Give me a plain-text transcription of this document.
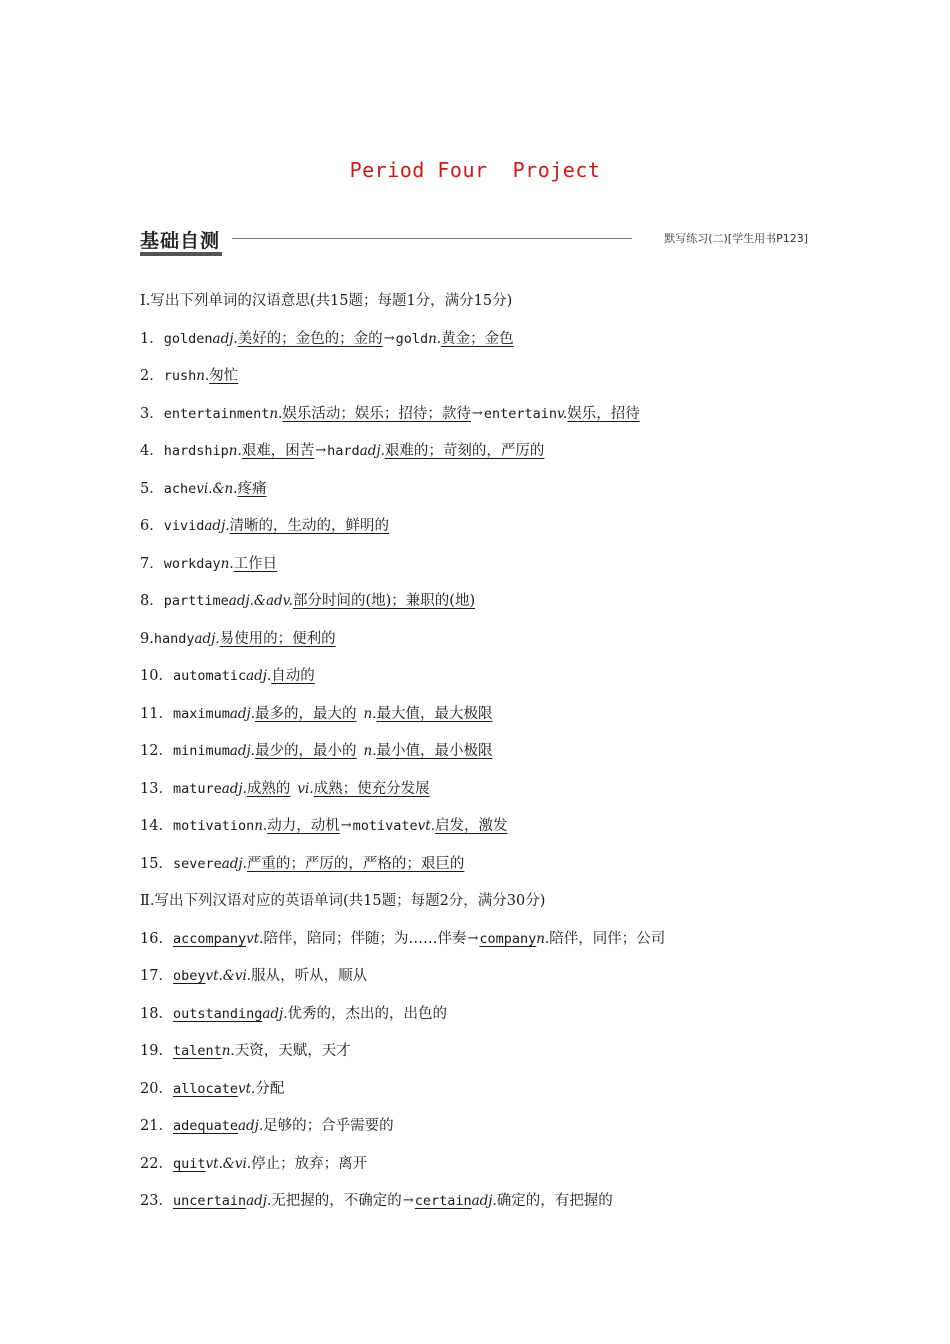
Period Four  Project
基础自测	默写练习(二)[学生用书P123]
Ⅰ.写出下列单词的汉语意思(共15题；每题1分，满分15分)
1． golden adj. 美好的；金色的；金的 → gold n. 黄金；金色
2． rush n. 匆忙
3． entertainment n. 娱乐活动；娱乐；招待；款待 → entertain v. 娱乐，招待
4． hardship n. 艰难，困苦 → hard adj. 艰难的；苛刻的，严厉的
5． ache vi.&n. 疼痛
6． vivid adj. 清晰的，生动的，鲜明的
7． workday n. 工作日
8． parttime adj.&adv. 部分时间的(地)；兼职的(地)
9. handy adj. 易使用的；便利的
10． automatic adj. 自动的
11． maximum adj. 最多的，最大的 n. 最大值，最大极限
12． minimum adj. 最少的，最小的 n. 最小值，最小极限
13． mature adj. 成熟的 vi. 成熟；使充分发展
14． motivation n. 动力，动机 → motivate vt. 启发，激发
15． severe adj. 严重的；严厉的，严格的；艰巨的
Ⅱ.写出下列汉语对应的英语单词(共15题；每题2分，满分30分)
16． accompany vt. 陪伴，陪同；伴随；为……伴奏 → company n. 陪伴，同伴；公司
17． obey vt.&vi. 服从，听从，顺从
18． outstanding adj. 优秀的，杰出的，出色的
19． talent n. 天资，天赋，天才
20． allocate vt. 分配
21． adequate adj. 足够的；合乎需要的
22． quit vt.&vi. 停止；放弃；离开
23． uncertain adj. 无把握的，不确定的 → certain adj. 确定的，有把握的
